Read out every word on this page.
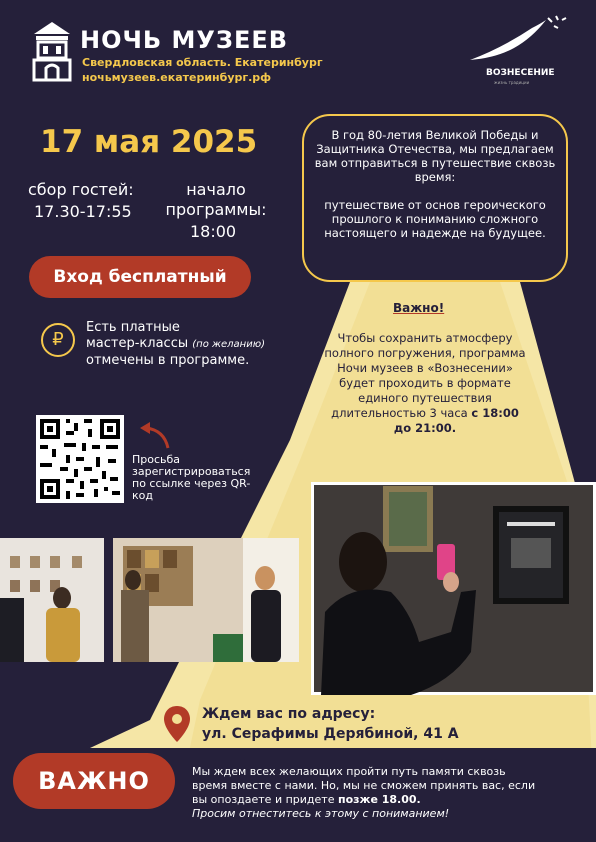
НОЧЬ МУЗЕЕВ
Свердловская область. Екатеринбург
ночьмузеев.екатеринбург.рф	ВОЗНЕСЕНИЕ
жизнь традиции
17 мая 2025
сбор гостей:
17.30-17:55
начало программы:
18:00
Вход бесплатный
₽
Есть платные
мастер-классы (по желанию)
отмечены в программе.

В год 80-летия Великой Победы и Защитника Отечества, мы предлагаем вам отправиться в путешествие сквозь время:

путешествие от основ героического прошлого к пониманию сложного настоящего и надежде на будущее.

Важно!
Чтобы сохранить атмосферу полного погружения, программа Ночи музеев в «Вознесении» будет проходить в формате единого путешествия длительностью 3 часа с 18:00 до 21:00.
Просьба зарегистрироваться по ссылке через QR-код
Ждем вас по адресу:
ул. Серафимы Дерябиной, 41 А
ВАЖНО	Мы ждем всех желающих пройти путь памяти сквозь время вместе с нами. Но, мы не сможем принять вас, если вы опоздаете и придете позже 18.00.
Просим отнеститесь к этому с пониманием!
